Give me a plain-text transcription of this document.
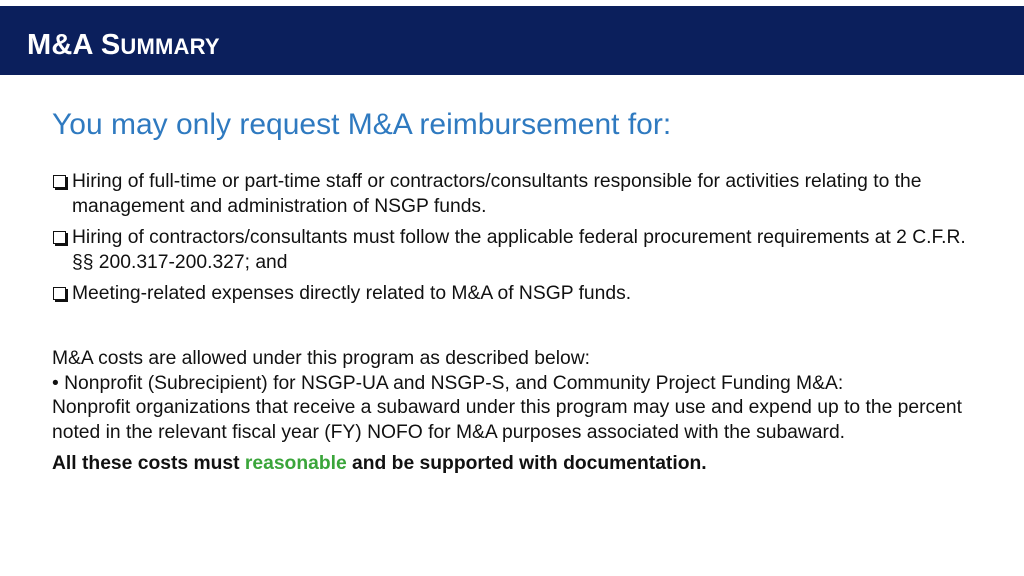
M&A SUMMARY
You may only request M&A reimbursement for:
Hiring of full-time or part-time staff or contractors/consultants responsible for activities relating to the management and administration of NSGP funds.
Hiring of contractors/consultants must follow the applicable federal procurement requirements at 2 C.F.R. §§ 200.317-200.327; and
Meeting-related expenses directly related to M&A of NSGP funds.

M&A costs are allowed under this program as described below:

• Nonprofit (Subrecipient) for NSGP-UA and NSGP-S, and Community Project Funding M&A:

Nonprofit organizations that receive a subaward under this program may use and expend up to the percent noted in the relevant fiscal year (FY) NOFO for M&A purposes associated with the subaward.

All these costs must reasonable and be supported with documentation.
